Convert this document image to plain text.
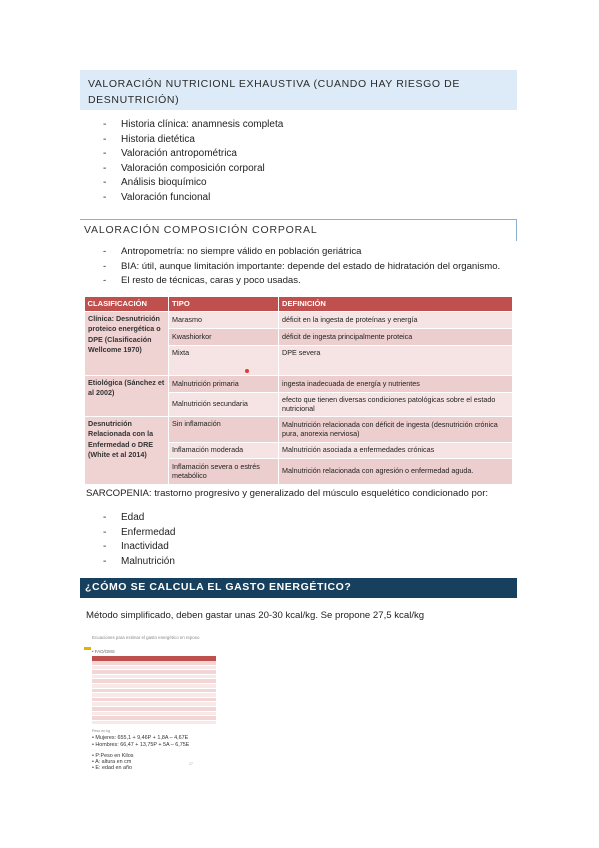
VALORACIÓN NUTRICIONL EXHAUSTIVA (CUANDO HAY RIESGO DE
DESNUTRICIÓN)
- Historia clínica: anamnesis completa
- Historia dietética
- Valoración antropométrica
- Valoración composición corporal
- Análisis bioquímico
- Valoración funcional
VALORACIÓN COMPOSICIÓN CORPORAL
- Antropometría: no siempre válido en población geriátrica
- BIA: útil, aunque limitación importante: depende del estado de hidratación del organismo.
- El resto de técnicas, caras y poco usadas.
CLASIFICACIÓN	TIPO	DEFINICIÓN
Clínica: Desnutrición proteico energética o DPE (Clasificación Wellcome 1970)	Marasmo	déficit en la ingesta de proteínas y energía
	Kwashiorkor	déficit de ingesta principalmente proteica
	Mixta	DPE severa
Etiológica (Sánchez et al 2002)	Malnutrición primaria	ingesta inadecuada de energía y nutrientes
	Malnutrición secundaria	efecto que tienen diversas condiciones patológicas sobre el estado nutricional
Desnutrición Relacionada con la Enfermedad o DRE (White et al 2014)	Sin inflamación	Malnutrición relacionada con déficit de ingesta (desnutrición crónica pura, anorexia nerviosa)
	Inflamación moderada	Malnutrición asociada a enfermedades crónicas
	Inflamación severa o estrés metabólico	Malnutrición relacionada con agresión o enfermedad aguda.
SARCOPENIA: trastorno progresivo y generalizado del músculo esquelético condicionado por:
- Edad
- Enfermedad
- Inactividad
- Malnutrición
¿CÓMO SE CALCULA EL GASTO ENERGÉTICO?
Método simplificado, deben gastar unas 20-30 kcal/kg. Se propone 27,5 kcal/kg
Ecuaciones para estimar el gasto energético en reposo
• FAO/OMS
Peso en kg
• Mujeres: 655,1 + 9,46P + 1,8A – 4,67E
• Hombres: 66,47 + 13,75P + 5A – 6,75E
• P:Peso en Kilos
• A: altura en cm
• E: edad en año
27
